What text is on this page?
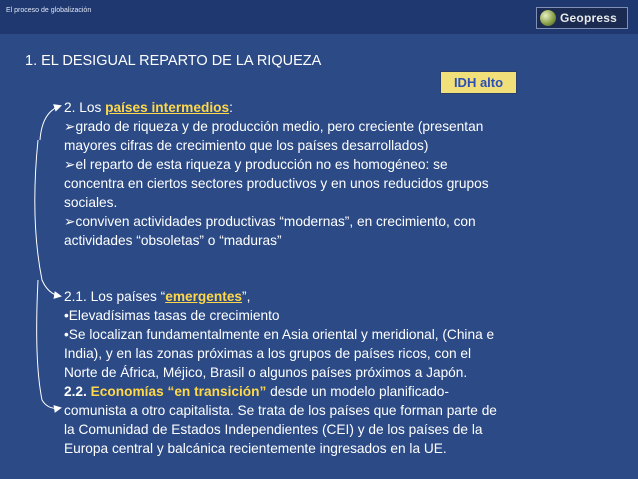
El proceso de globalización
Geopress
1. EL DESIGUAL REPARTO DE LA RIQUEZA
IDH alto
2. Los países intermedios:
➢grado de riqueza y de producción medio, pero creciente (presentan
mayores cifras de crecimiento que los países desarrollados)
➢el reparto de esta riqueza y producción no es homogéneo: se
concentra en ciertos sectores productivos y en unos reducidos grupos
sociales.
➢conviven actividades productivas “modernas”, en crecimiento, con
actividades “obsoletas” o “maduras”
2.1. Los países “emergentes”,
•Elevadísimas tasas de crecimiento
•Se localizan fundamentalmente en Asia oriental y meridional, (China e
India), y en las zonas próximas a los grupos de países ricos, con el
Norte de África, Méjico, Brasil o algunos países próximos a Japón.
2.2. Economías “en transición” desde un modelo planificado-
comunista a otro capitalista. Se trata de los países que forman parte de
la Comunidad de Estados Independientes (CEI) y de los países de la
Europa central y balcánica recientemente ingresados en la UE.
